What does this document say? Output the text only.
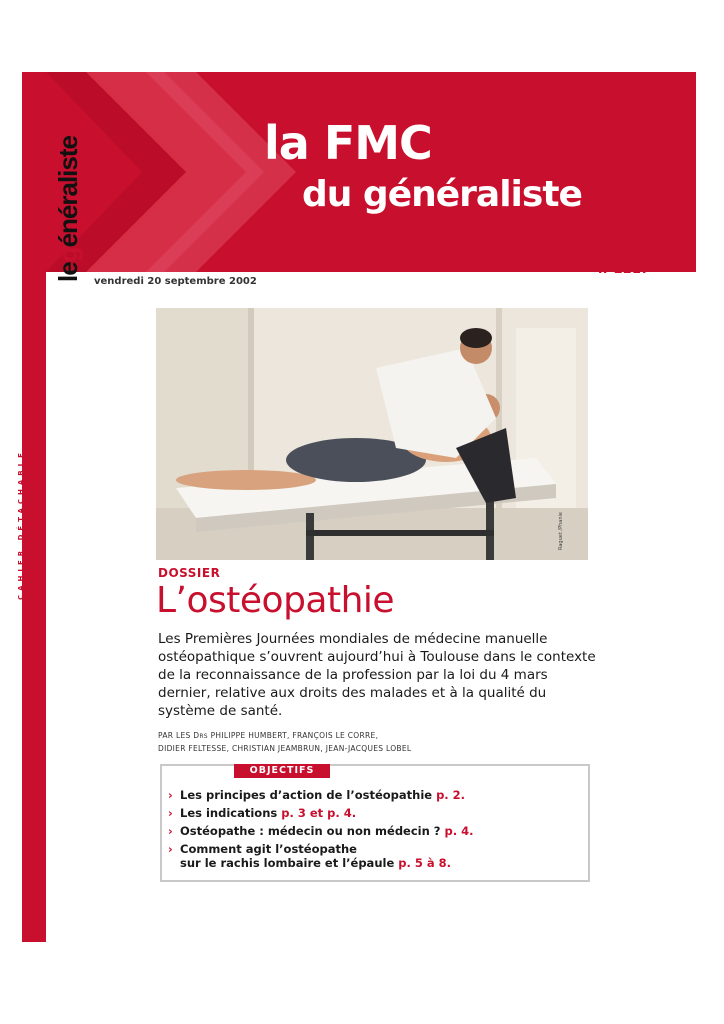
CAHIER DÉTACHABLE
la FMC
du généraliste
legénéraliste
vendredi 20 septembre 2002
n°2217
Raguet /Phanie
DOSSIER
L’ostéopathie

Les Premières Journées mondiales de médecine manuelle ostéopathique s’ouvrent aujourd’hui à Toulouse dans le contexte de la reconnaissance de la profession par la loi du 4 mars dernier, relative aux droits des malades et à la qualité du système de santé.

PAR LES DRS PHILIPPE HUMBERT, FRANÇOIS LE CORRE,
DIDIER FELTESSE, CHRISTIAN JEAMBRUN, JEAN-JACQUES LOBEL
OBJECTIFS
› Les principes d’action de l’ostéopathie p. 2.
› Les indications p. 3 et p. 4.
› Ostéopathe : médecin ou non médecin ? p. 4.
› Comment agit l’ostéopathe
sur le rachis lombaire et l’épaule p. 5 à 8.
